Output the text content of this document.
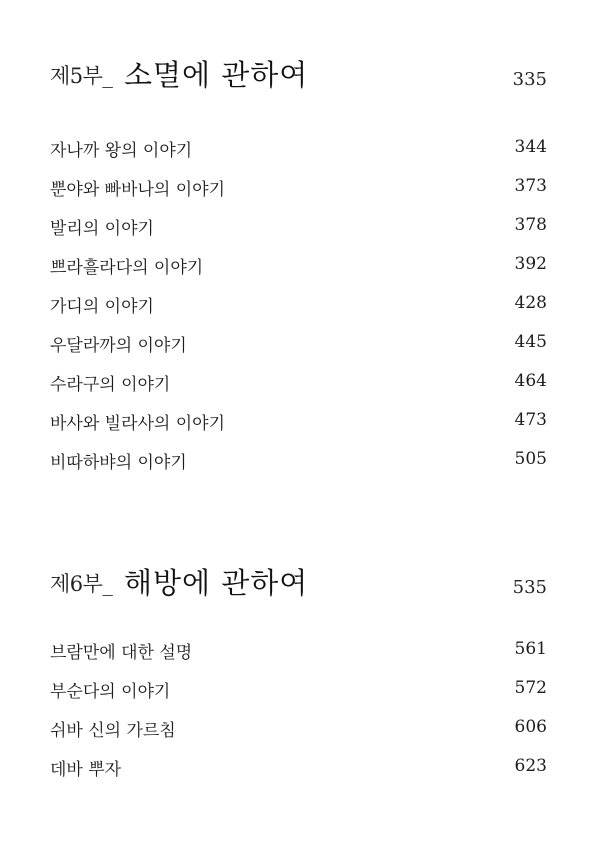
제5부_ 소멸에 관하여	335
자나까 왕의 이야기	344
뿐야와 빠바나의 이야기	373
발리의 이야기	378
쁘라흘라다의 이야기	392
가디의 이야기	428
우달라까의 이야기	445
수라구의 이야기	464
바사와 빌라사의 이야기	473
비따하뱌의 이야기	505
제6부_ 해방에 관하여	535
브람만에 대한 설명	561
부순다의 이야기	572
쉬바 신의 가르침	606
데바 뿌자	623
